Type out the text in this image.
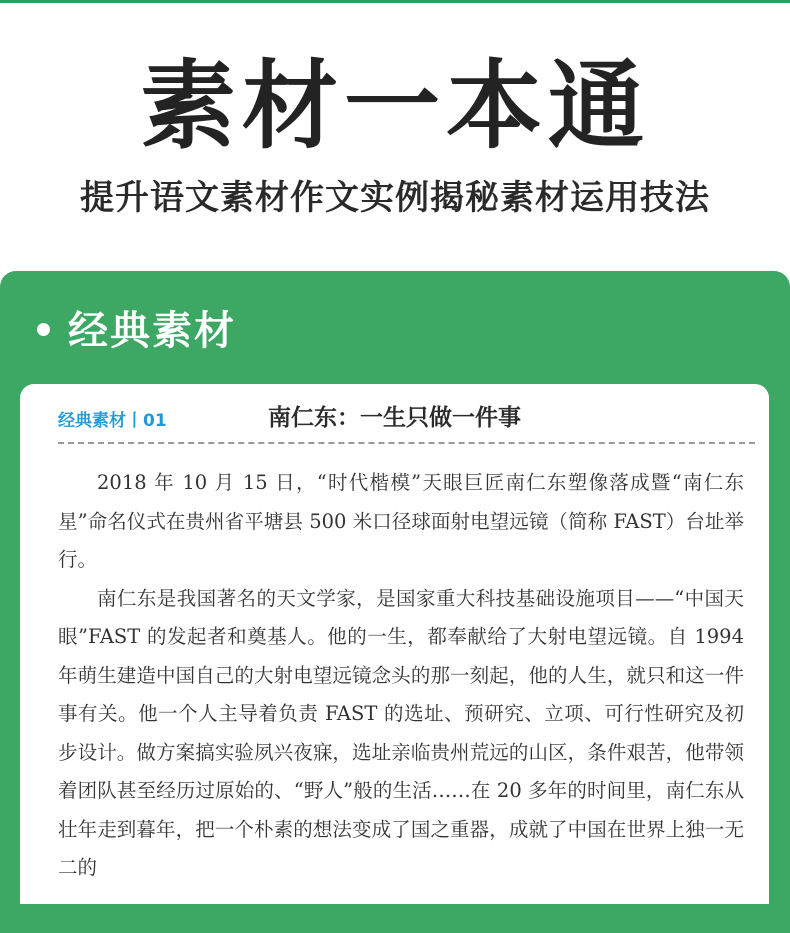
素材一本通
提升语文素材作文实例揭秘素材运用技法
经典素材
经典素材丨01	南仁东：一生只做一件事

2018 年 10 月 15 日，“时代楷模”天眼巨匠南仁东塑像落成暨“南仁东星”命名仪式在贵州省平塘县 500 米口径球面射电望远镜（简称 FAST）台址举行。

南仁东是我国著名的天文学家，是国家重大科技基础设施项目——“中国天眼”FAST 的发起者和奠基人。他的一生，都奉献给了大射电望远镜。自 1994 年萌生建造中国自己的大射电望远镜念头的那一刻起，他的人生，就只和这一件事有关。他一个人主导着负责 FAST 的选址、预研究、立项、可行性研究及初步设计。做方案搞实验夙兴夜寐，选址亲临贵州荒远的山区，条件艰苦，他带领着团队甚至经历过原始的、“野人”般的生活……在 20 多年的时间里，南仁东从壮年走到暮年，把一个朴素的想法变成了国之重器，成就了中国在世界上独一无二的
